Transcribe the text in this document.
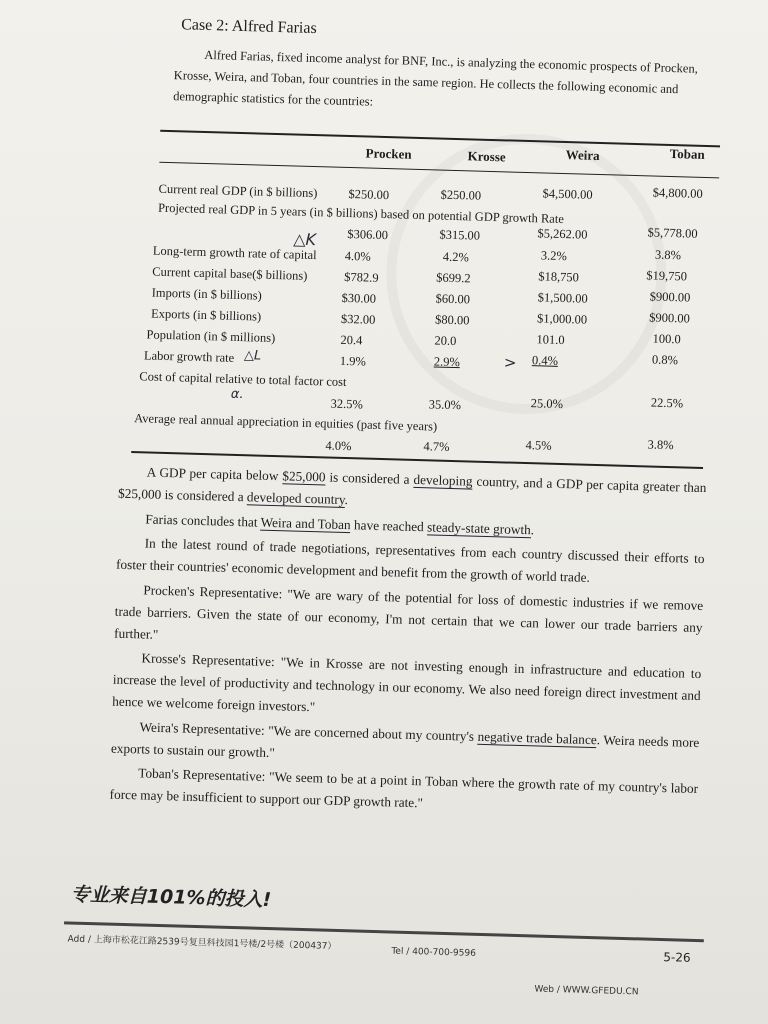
Case 2: Alfred Farias

Alfred Farias, fixed income analyst for BNF, Inc., is analyzing the economic prospects of Procken, Krosse, Weira, and Toban, four countries in the same region. He collects the following economic and demographic statistics for the countries:

Procken	Krosse	Weira	Toban
Current real GDP (in $ billions) $250.00	$250.00	$4,500.00	$4,800.00
Projected real GDP in 5 years (in $ billions) based on potential GDP growth Rate
$306.00	$315.00	$5,262.00	$5,778.00
Long-term growth rate of capital 4.0%	4.2%	3.2%	3.8%
△K
Current capital base($ billions)	$782.9	$699.2	$18,750	$19,750
Imports (in $ billions)	$30.00	$60.00	$1,500.00	$900.00
Exports (in $ billions)	$32.00	$80.00	$1,000.00	$900.00
Population (in $ millions)	20.4	20.0	101.0	100.0
Labor growth rate △L	1.9%	2.9%	> 0.4%	0.8%
Cost of capital relative to total factor cost
α.
32.5%	35.0%	25.0%	22.5%
Average real annual appreciation in equities (past five years)
4.0%	4.7%	4.5%	3.8%

A GDP per capita below $25,000 is considered a developing country, and a GDP per capita greater than $25,000 is considered a developed country.

Farias concludes that Weira and Toban have reached steady-state growth.

In the latest round of trade negotiations, representatives from each country discussed their efforts to foster their countries' economic development and benefit from the growth of world trade.

Procken's Representative: "We are wary of the potential for loss of domestic industries if we remove trade barriers. Given the state of our economy, I'm not certain that we can lower our trade barriers any further."

Krosse's Representative: "We in Krosse are not investing enough in infrastructure and education to increase the level of productivity and technology in our economy. We also need foreign direct investment and hence we welcome foreign investors."

Weira's Representative: "We are concerned about my country's negative trade balance. Weira needs more exports to sustain our growth."

Toban's Representative: "We seem to be at a point in Toban where the growth rate of my country's labor force may be insufficient to support our GDP growth rate."

专业来自101%的投入!
Add / 上海市松花江路2539号复旦科技园1号楼/2号楼（200437）
Tel / 400-700-9596	5-26
Web / WWW.GFEDU.CN
